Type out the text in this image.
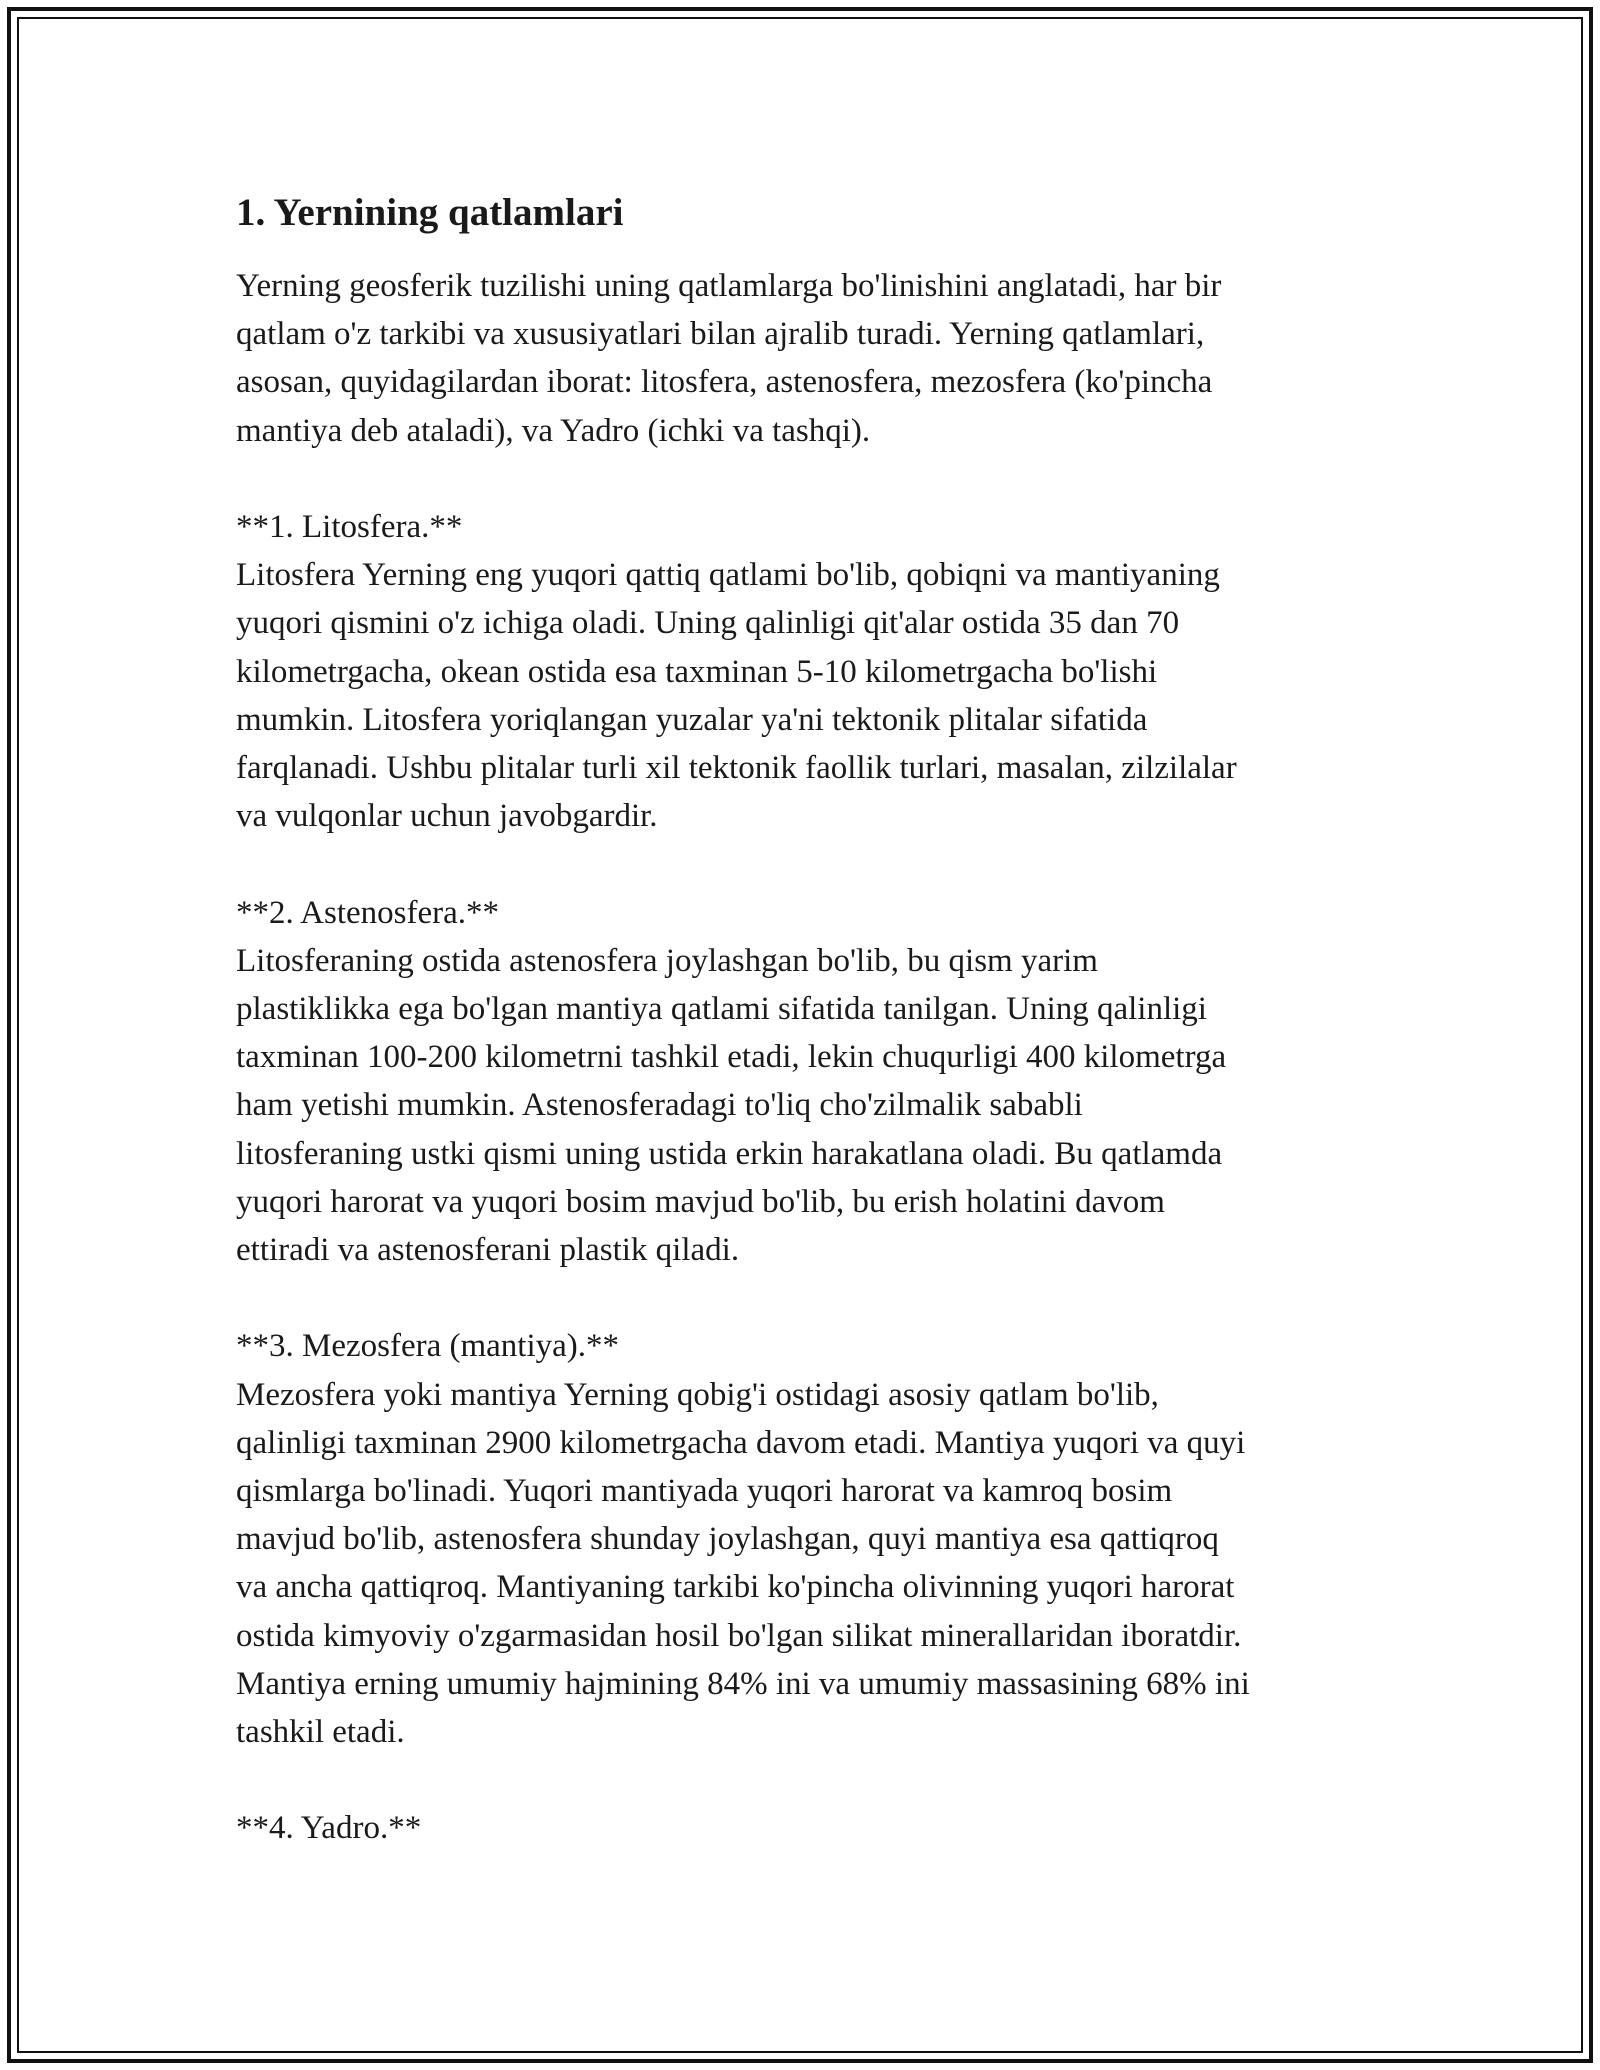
1. Yernining qatlamlari
Yerning geosferik tuzilishi uning qatlamlarga bo'linishini anglatadi, har bir
qatlam o'z tarkibi va xususiyatlari bilan ajralib turadi. Yerning qatlamlari,
asosan, quyidagilardan iborat: litosfera, astenosfera, mezosfera (ko'pincha
mantiya deb ataladi), va Yadro (ichki va tashqi).
**1. Litosfera.**
Litosfera Yerning eng yuqori qattiq qatlami bo'lib, qobiqni va mantiyaning
yuqori qismini o'z ichiga oladi. Uning qalinligi qit'alar ostida 35 dan 70
kilometrgacha, okean ostida esa taxminan 5-10 kilometrgacha bo'lishi
mumkin. Litosfera yoriqlangan yuzalar ya'ni tektonik plitalar sifatida
farqlanadi. Ushbu plitalar turli xil tektonik faollik turlari, masalan, zilzilalar
va vulqonlar uchun javobgardir.
**2. Astenosfera.**
Litosferaning ostida astenosfera joylashgan bo'lib, bu qism yarim
plastiklikka ega bo'lgan mantiya qatlami sifatida tanilgan. Uning qalinligi
taxminan 100-200 kilometrni tashkil etadi, lekin chuqurligi 400 kilometrga
ham yetishi mumkin. Astenosferadagi to'liq cho'zilmalik sababli
litosferaning ustki qismi uning ustida erkin harakatlana oladi. Bu qatlamda
yuqori harorat va yuqori bosim mavjud bo'lib, bu erish holatini davom
ettiradi va astenosferani plastik qiladi.
**3. Mezosfera (mantiya).**
Mezosfera yoki mantiya Yerning qobig'i ostidagi asosiy qatlam bo'lib,
qalinligi taxminan 2900 kilometrgacha davom etadi. Mantiya yuqori va quyi
qismlarga bo'linadi. Yuqori mantiyada yuqori harorat va kamroq bosim
mavjud bo'lib, astenosfera shunday joylashgan, quyi mantiya esa qattiqroq
va ancha qattiqroq. Mantiyaning tarkibi ko'pincha olivinning yuqori harorat
ostida kimyoviy o'zgarmasidan hosil bo'lgan silikat minerallaridan iboratdir.
Mantiya erning umumiy hajmining 84% ini va umumiy massasining 68% ini
tashkil etadi.
**4. Yadro.**
